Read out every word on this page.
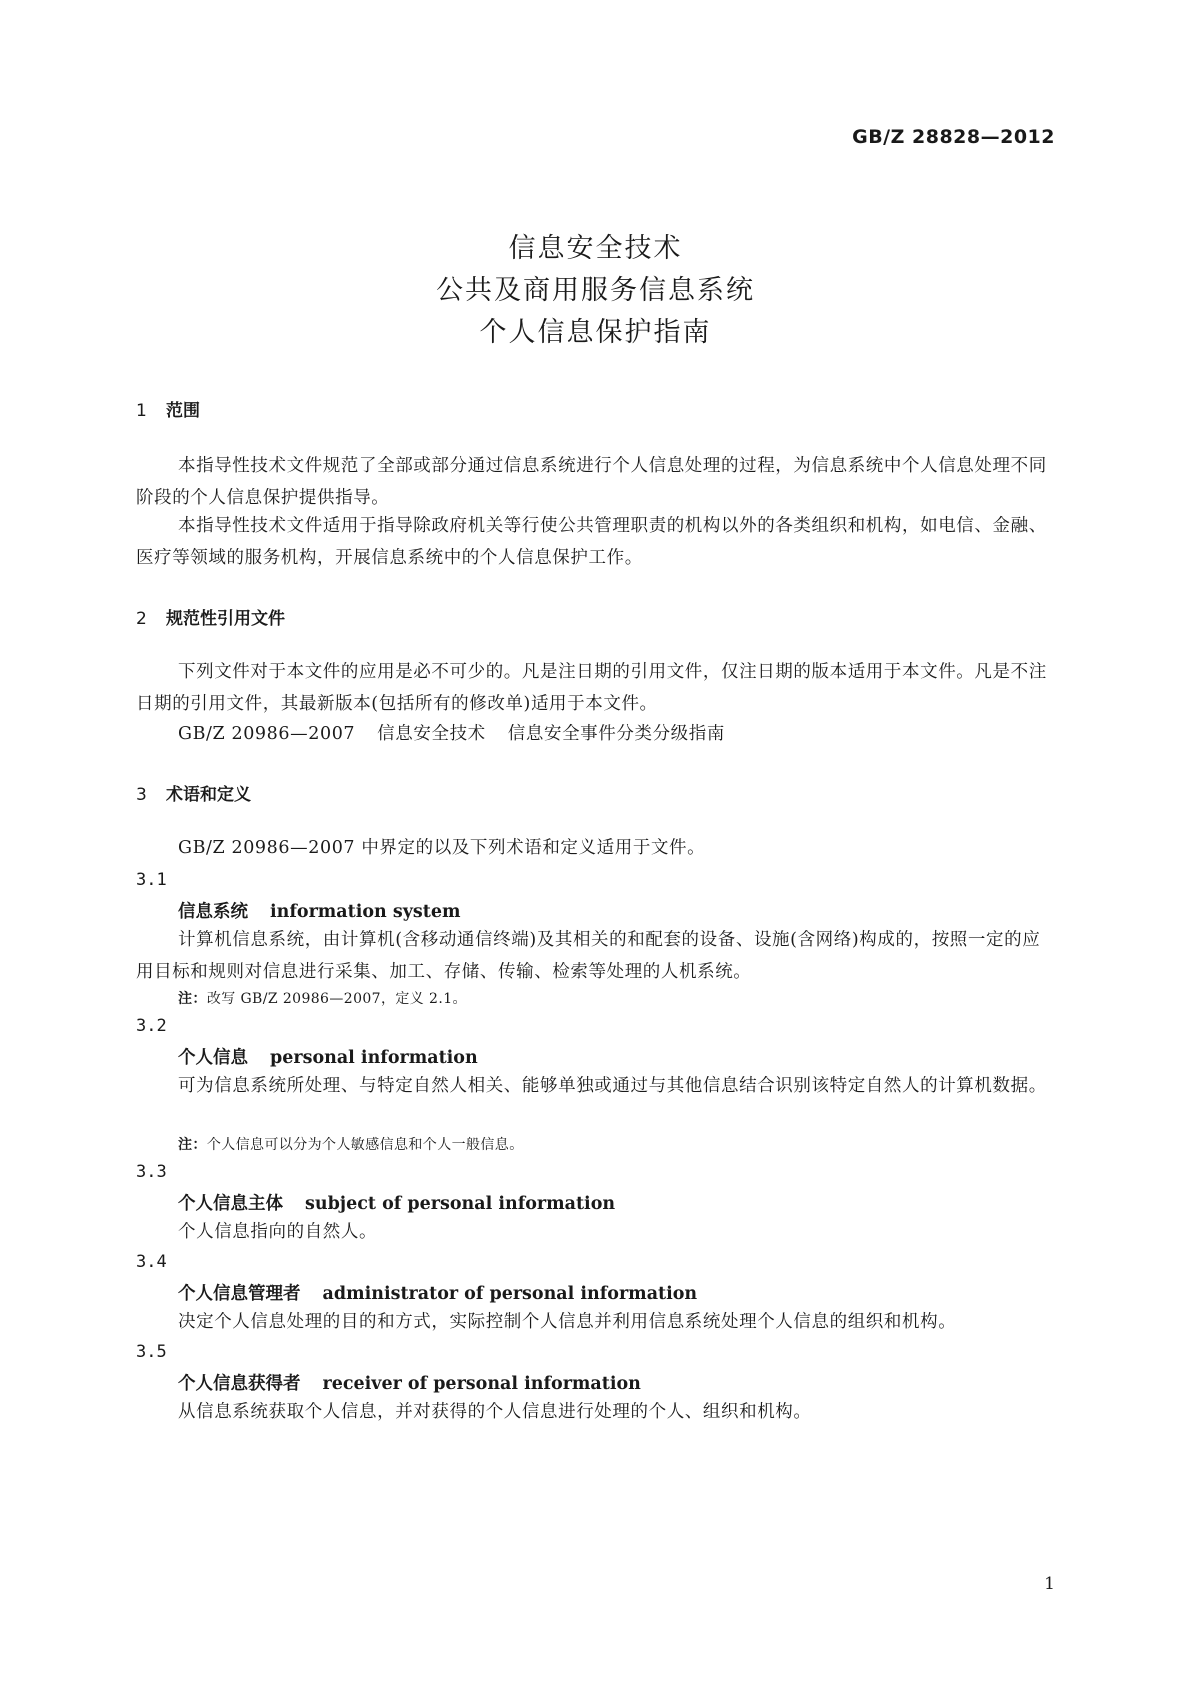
GB/Z 28828—2012
信息安全技术
公共及商用服务信息系统
个人信息保护指南
1 范围
本指导性技术文件规范了全部或部分通过信息系统进行个人信息处理的过程，为信息系统中个人信息处理不同阶段的个人信息保护提供指导。
本指导性技术文件适用于指导除政府机关等行使公共管理职责的机构以外的各类组织和机构，如电信、金融、医疗等领域的服务机构，开展信息系统中的个人信息保护工作。
2 规范性引用文件
下列文件对于本文件的应用是必不可少的。凡是注日期的引用文件，仅注日期的版本适用于本文件。凡是不注日期的引用文件，其最新版本(包括所有的修改单)适用于本文件。
GB/Z 20986—2007 信息安全技术 信息安全事件分类分级指南
3 术语和定义
GB/Z 20986—2007 中界定的以及下列术语和定义适用于文件。
3.1
信息系统 information system
计算机信息系统，由计算机(含移动通信终端)及其相关的和配套的设备、设施(含网络)构成的，按照一定的应用目标和规则对信息进行采集、加工、存储、传输、检索等处理的人机系统。
注：改写 GB/Z 20986—2007，定义 2.1。
3.2
个人信息 personal information
可为信息系统所处理、与特定自然人相关、能够单独或通过与其他信息结合识别该特定自然人的计算机数据。
注：个人信息可以分为个人敏感信息和个人一般信息。
3.3
个人信息主体 subject of personal information
个人信息指向的自然人。
3.4
个人信息管理者 administrator of personal information
决定个人信息处理的目的和方式，实际控制个人信息并利用信息系统处理个人信息的组织和机构。
3.5
个人信息获得者 receiver of personal information
从信息系统获取个人信息，并对获得的个人信息进行处理的个人、组织和机构。
1
